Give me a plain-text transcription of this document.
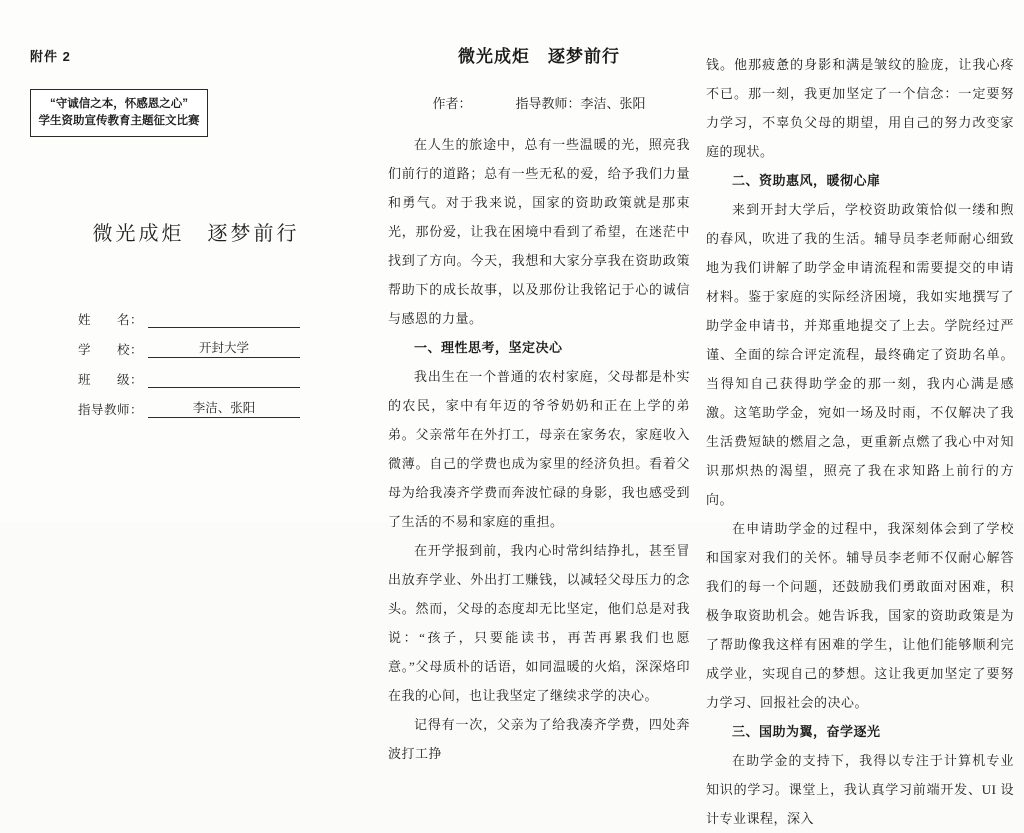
附件 2
“守诚信之本，怀感恩之心”
学生资助宣传教育主题征文比赛
微光成炬　逐梦前行
姓　　名：
学　　校：	开封大学
班　　级：
指导教师：	李洁、张阳
微光成炬　逐梦前行
作者：	指导教师：李洁、张阳

在人生的旅途中，总有一些温暖的光，照亮我们前行的道路；总有一些无私的爱，给予我们力量和勇气。对于我来说，国家的资助政策就是那束光，那份爱，让我在困境中看到了希望，在迷茫中找到了方向。今天，我想和大家分享我在资助政策帮助下的成长故事，以及那份让我铭记于心的诚信与感恩的力量。

一、理性思考，坚定决心

我出生在一个普通的农村家庭，父母都是朴实的农民，家中有年迈的爷爷奶奶和正在上学的弟弟。父亲常年在外打工，母亲在家务农，家庭收入微薄。自己的学费也成为家里的经济负担。看着父母为给我凑齐学费而奔波忙碌的身影，我也感受到了生活的不易和家庭的重担。

在开学报到前，我内心时常纠结挣扎，甚至冒出放弃学业、外出打工赚钱，以减轻父母压力的念头。然而，父母的态度却无比坚定，他们总是对我说：“孩子，只要能读书，再苦再累我们也愿意。”父母质朴的话语，如同温暖的火焰，深深烙印在我的心间，也让我坚定了继续求学的决心。

记得有一次，父亲为了给我凑齐学费，四处奔波打工挣

钱。他那疲惫的身影和满是皱纹的脸庞，让我心疼不已。那一刻，我更加坚定了一个信念：一定要努力学习，不辜负父母的期望，用自己的努力改变家庭的现状。

二、资助惠风，暖彻心扉

来到开封大学后，学校资助政策恰似一缕和煦的春风，吹进了我的生活。辅导员李老师耐心细致地为我们讲解了助学金申请流程和需要提交的申请材料。鉴于家庭的实际经济困境，我如实地撰写了助学金申请书，并郑重地提交了上去。学院经过严谨、全面的综合评定流程，最终确定了资助名单。当得知自己获得助学金的那一刻，我内心满是感激。这笔助学金，宛如一场及时雨，不仅解决了我生活费短缺的燃眉之急，更重新点燃了我心中对知识那炽热的渴望，照亮了我在求知路上前行的方向。

在申请助学金的过程中，我深刻体会到了学校和国家对我们的关怀。辅导员李老师不仅耐心解答我们的每一个问题，还鼓励我们勇敢面对困难，积极争取资助机会。她告诉我，国家的资助政策是为了帮助像我这样有困难的学生，让他们能够顺利完成学业，实现自己的梦想。这让我更加坚定了要努力学习、回报社会的决心。

三、国助为翼，奋学逐光

在助学金的支持下，我得以专注于计算机专业知识的学习。课堂上，我认真学习前端开发、UI 设计专业课程，深入
